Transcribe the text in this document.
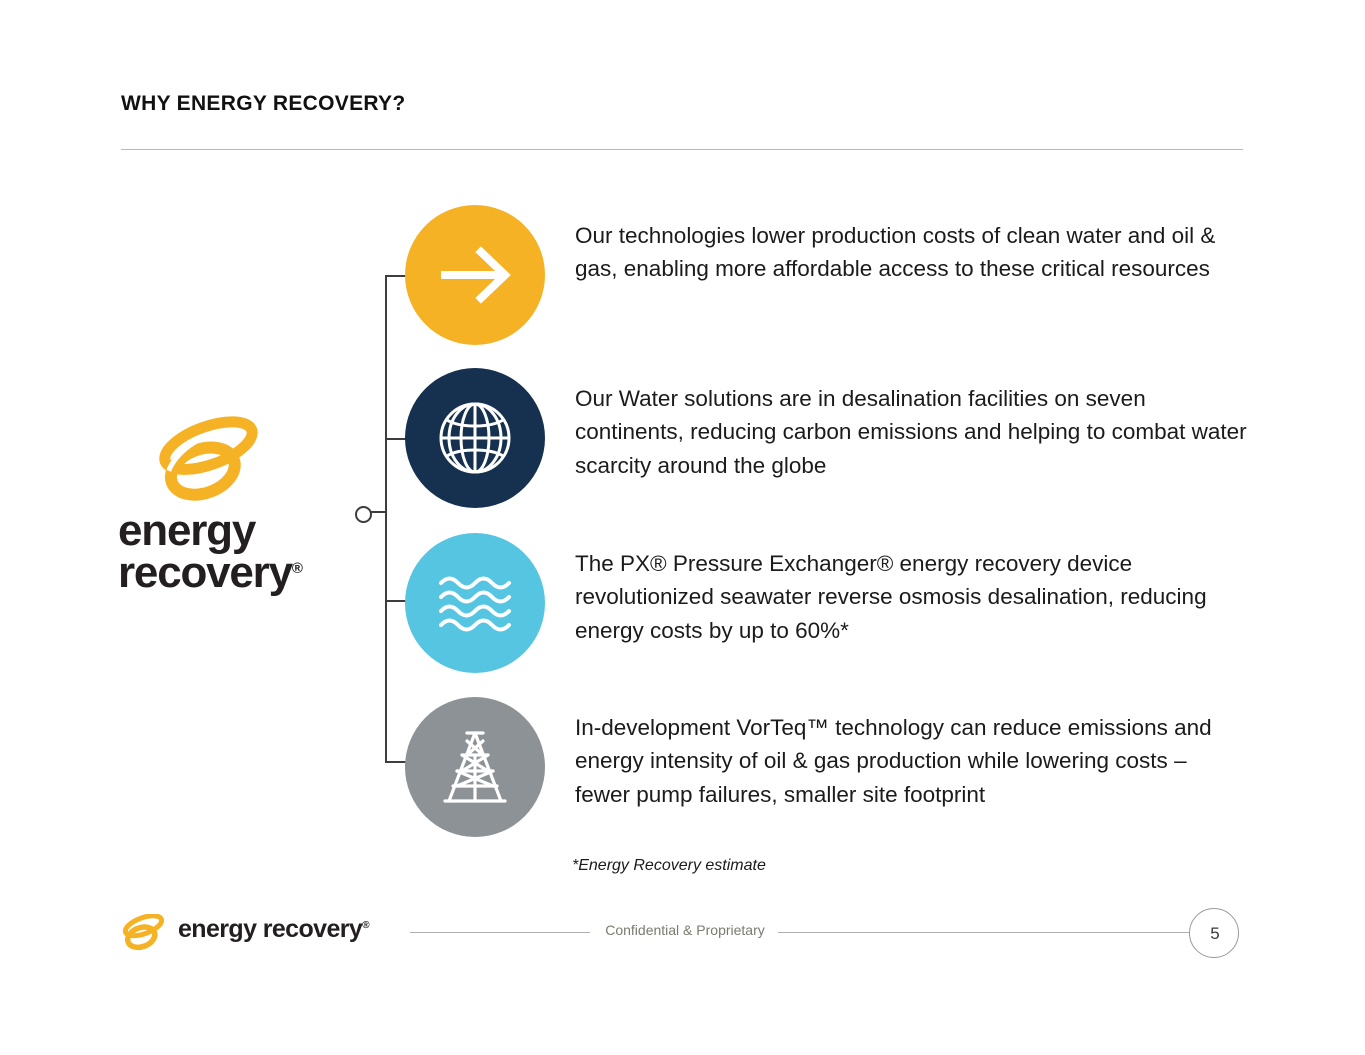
WHY ENERGY RECOVERY?
energy
recovery®
Our technologies lower production costs of clean water and oil & gas, enabling more affordable access to these critical resources
Our Water solutions are in desalination facilities on seven continents, reducing carbon emissions and helping to combat water scarcity around the globe
The PX® Pressure Exchanger® energy recovery device revolutionized seawater reverse osmosis desalination, reducing energy costs by up to 60%*
In-development VorTeq™ technology can reduce emissions and energy intensity of oil & gas production while lowering costs – fewer pump failures, smaller site footprint
*Energy Recovery estimate
energy recovery®	Confidential & Proprietary	5
